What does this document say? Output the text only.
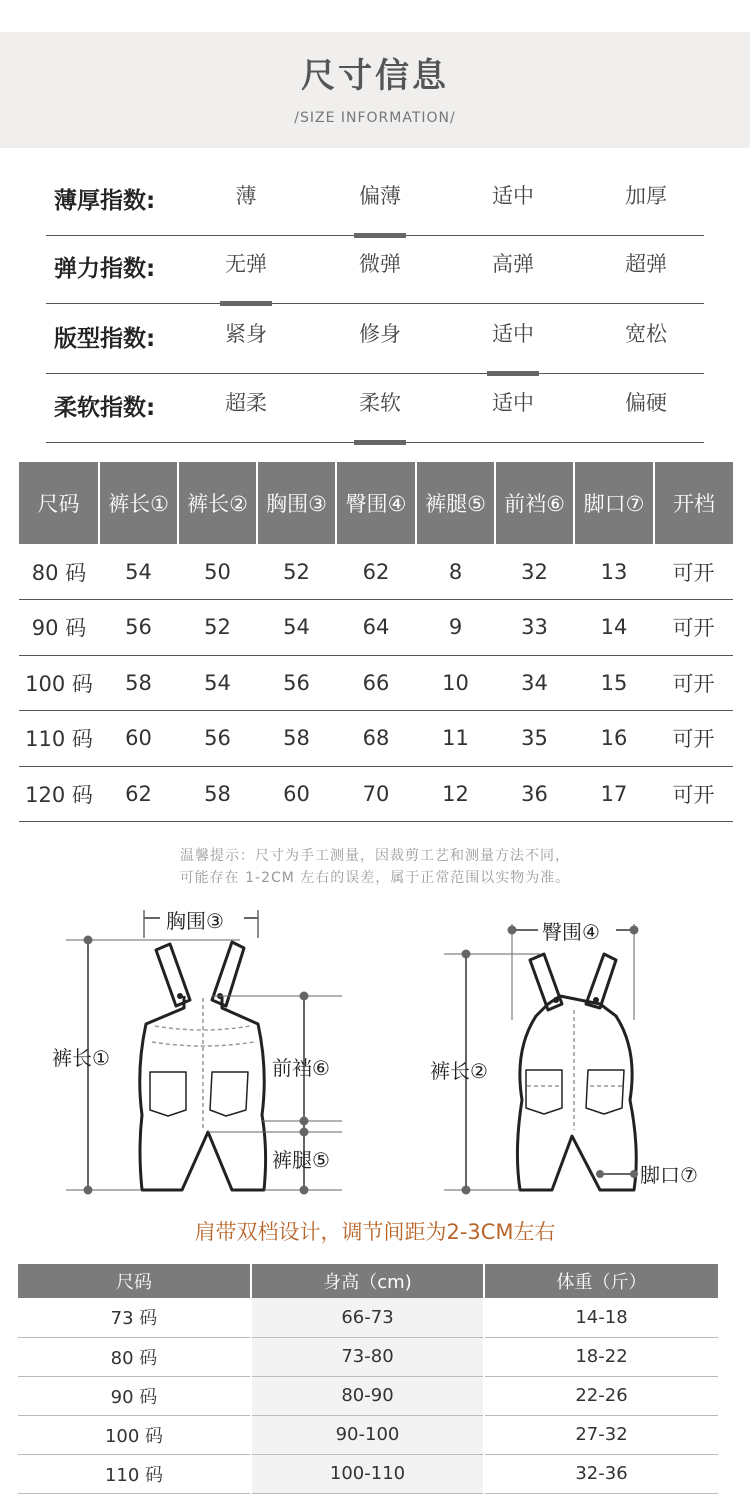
尺寸信息
/SIZE INFORMATION/
薄厚指数:	薄	偏薄	适中	加厚
弹力指数:	无弹	微弹	高弹	超弹
版型指数:	紧身	修身	适中	宽松
柔软指数:	超柔	柔软	适中	偏硬
尺码	裤长①	裤长②	胸围③	臀围④	裤腿⑤	前裆⑥	脚口⑦	开档
80 码	54	50	52	62	8	32	13	可开
90 码	56	52	54	64	9	33	14	可开
100 码	58	54	56	66	10	34	15	可开
110 码	60	56	58	68	11	35	16	可开
120 码	62	58	60	70	12	36	17	可开
温馨提示：尺寸为手工测量，因裁剪工艺和测量方法不同，
可能存在 1-2CM 左右的误差，属于正常范围以实物为准。
胸围③
裤长①	前裆⑥
裤腿⑤
臀围④
裤长②
脚口⑦
肩带双档设计，调节间距为2-3CM左右
尺码	身高（cm)	体重（斤）
73 码	66-73	14-18
80 码	73-80	18-22
90 码	80-90	22-26
100 码	90-100	27-32
110 码	100-110	32-36
